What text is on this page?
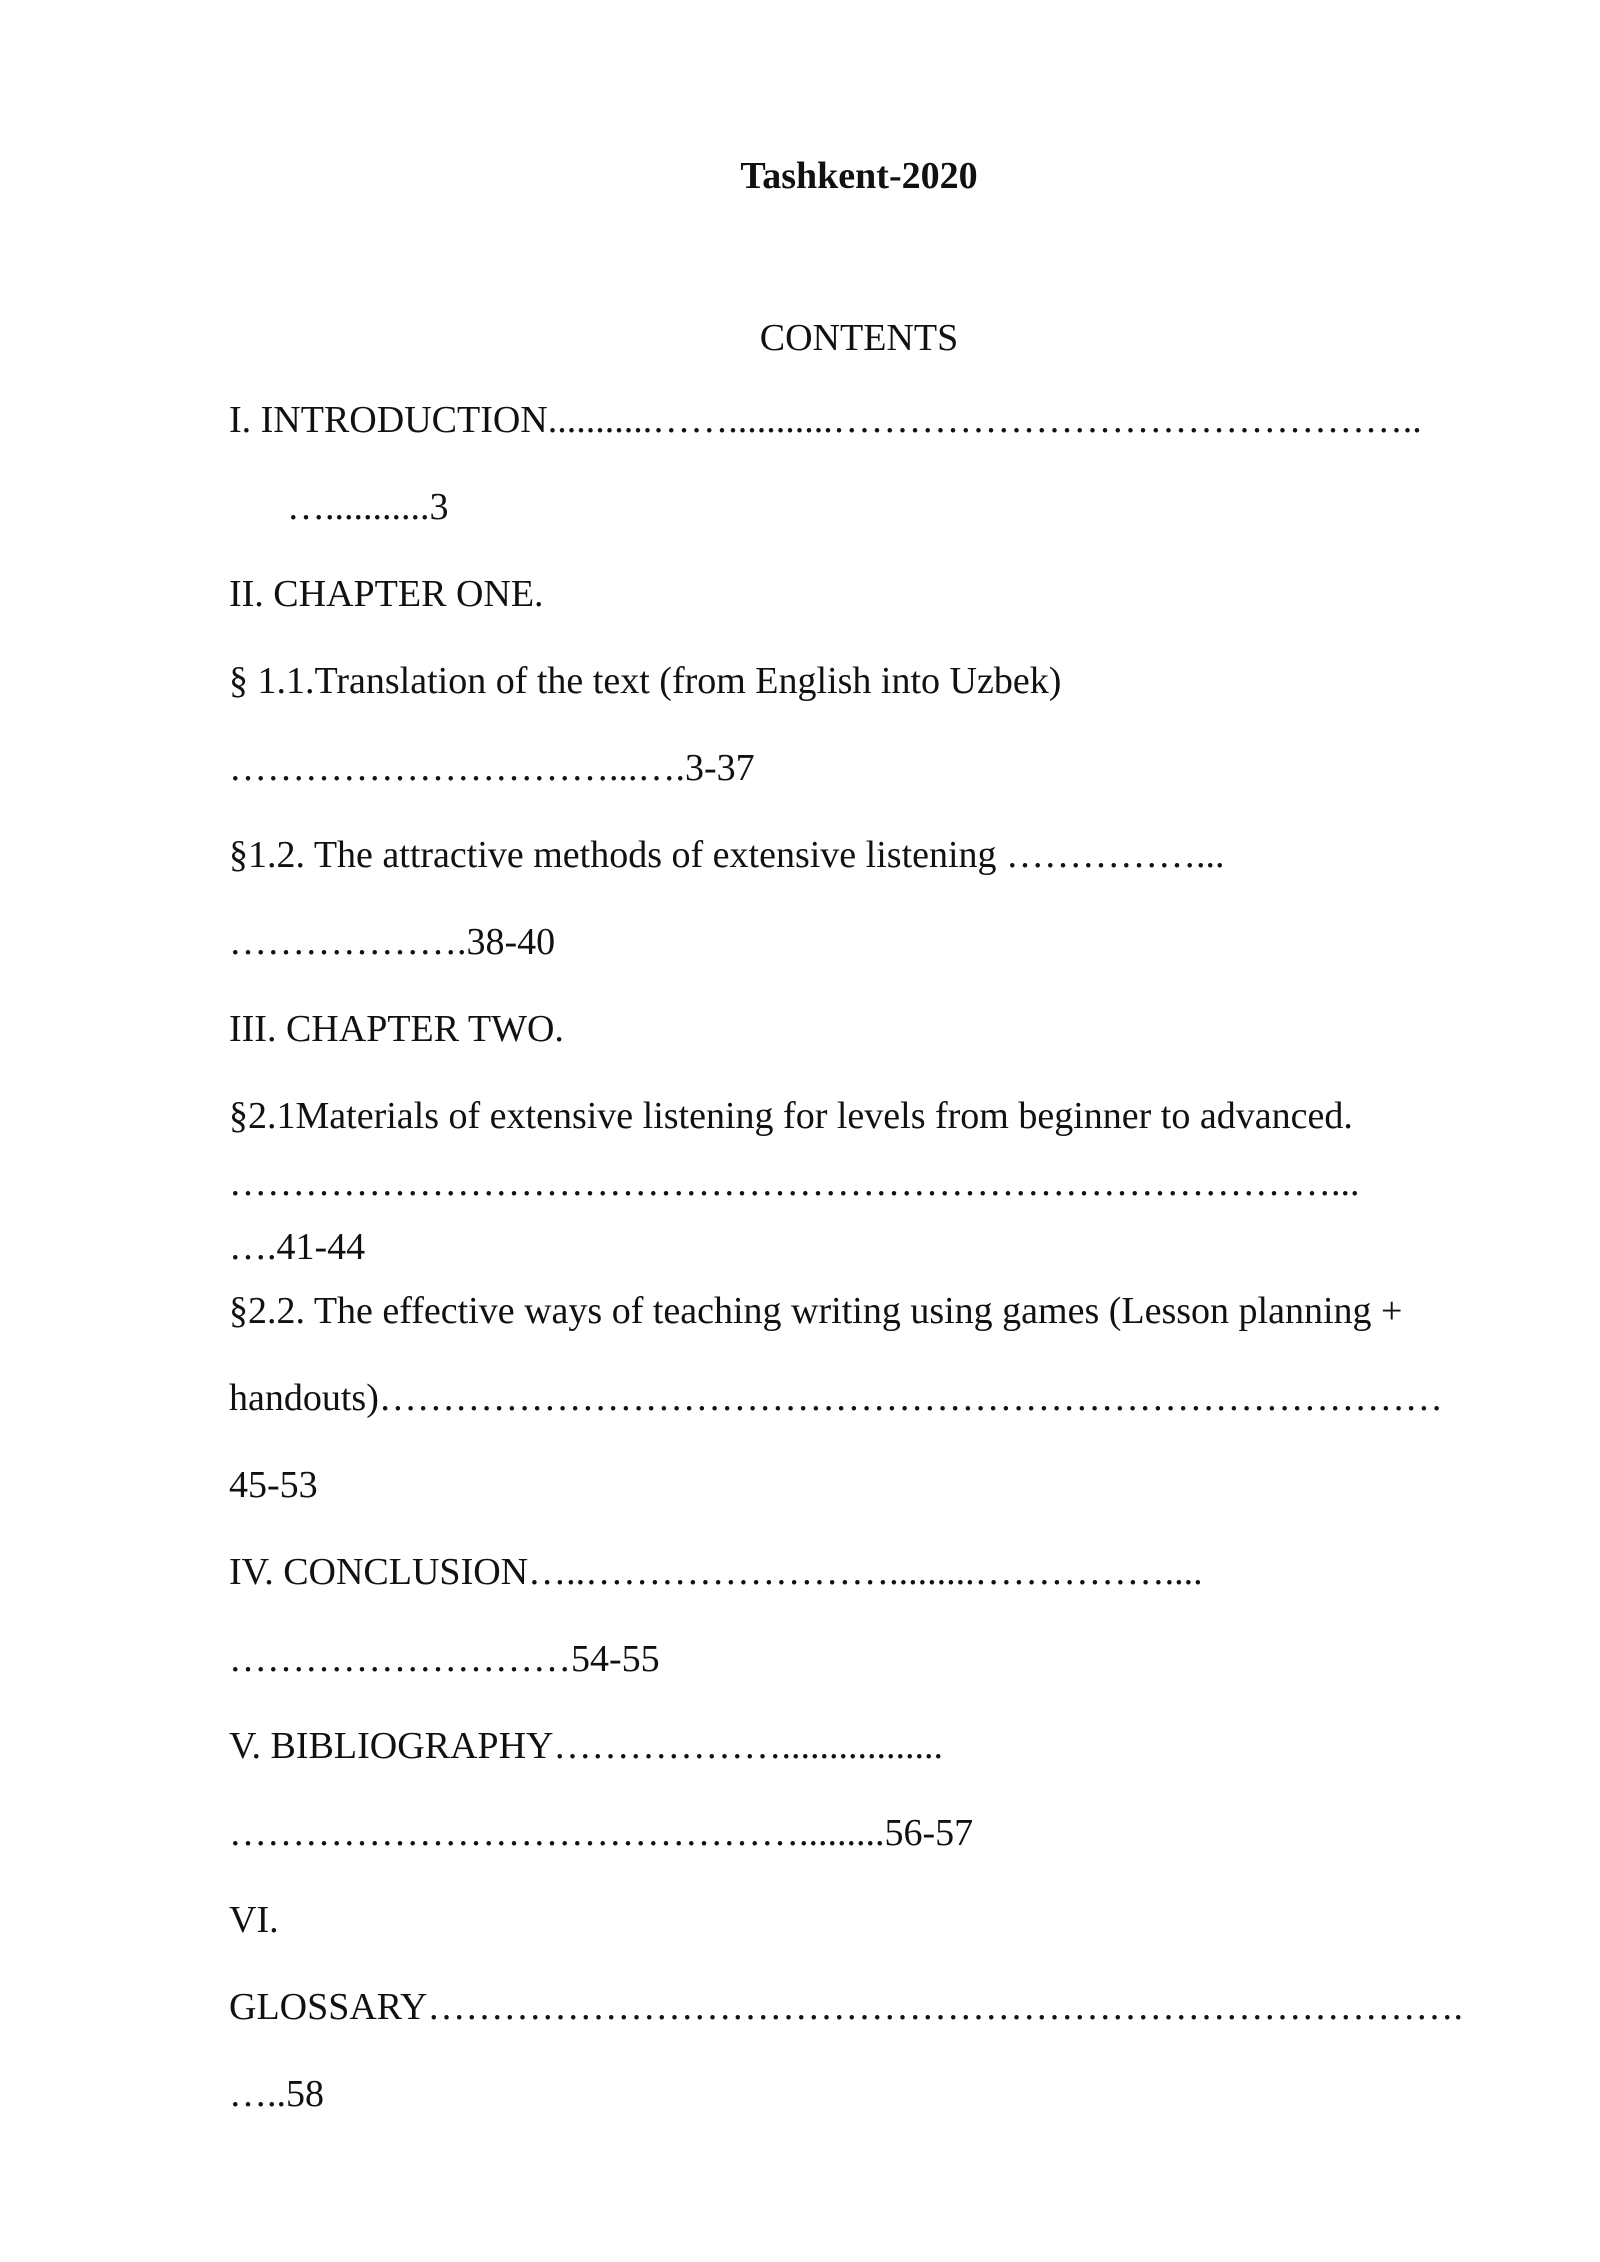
Tashkent-2020
CONTENTS
I. INTRODUCTION...........……...........………………………………………..
…...........3
II. CHAPTER ONE.
§ 1.1.Translation of the text (from English into Uzbek)
…………………………...….3-37
§1.2. The attractive methods of extensive listening ……………...
……………….38-40
III. CHAPTER TWO.
§2.1Materials of extensive listening for levels from beginner to advanced.
……………………………………………………………………………...
….41-44
§2.2. The effective ways of teaching writing using games (Lesson planning +
handouts)…………………………………………………………………………
45-53
IV. CONCLUSION…..…………………….........……………....
………………………54-55
V. BIBLIOGRAPHY……………….................
……………………………………….........56-57
VI.
GLOSSARY……………………………………………………………………….
…..58
